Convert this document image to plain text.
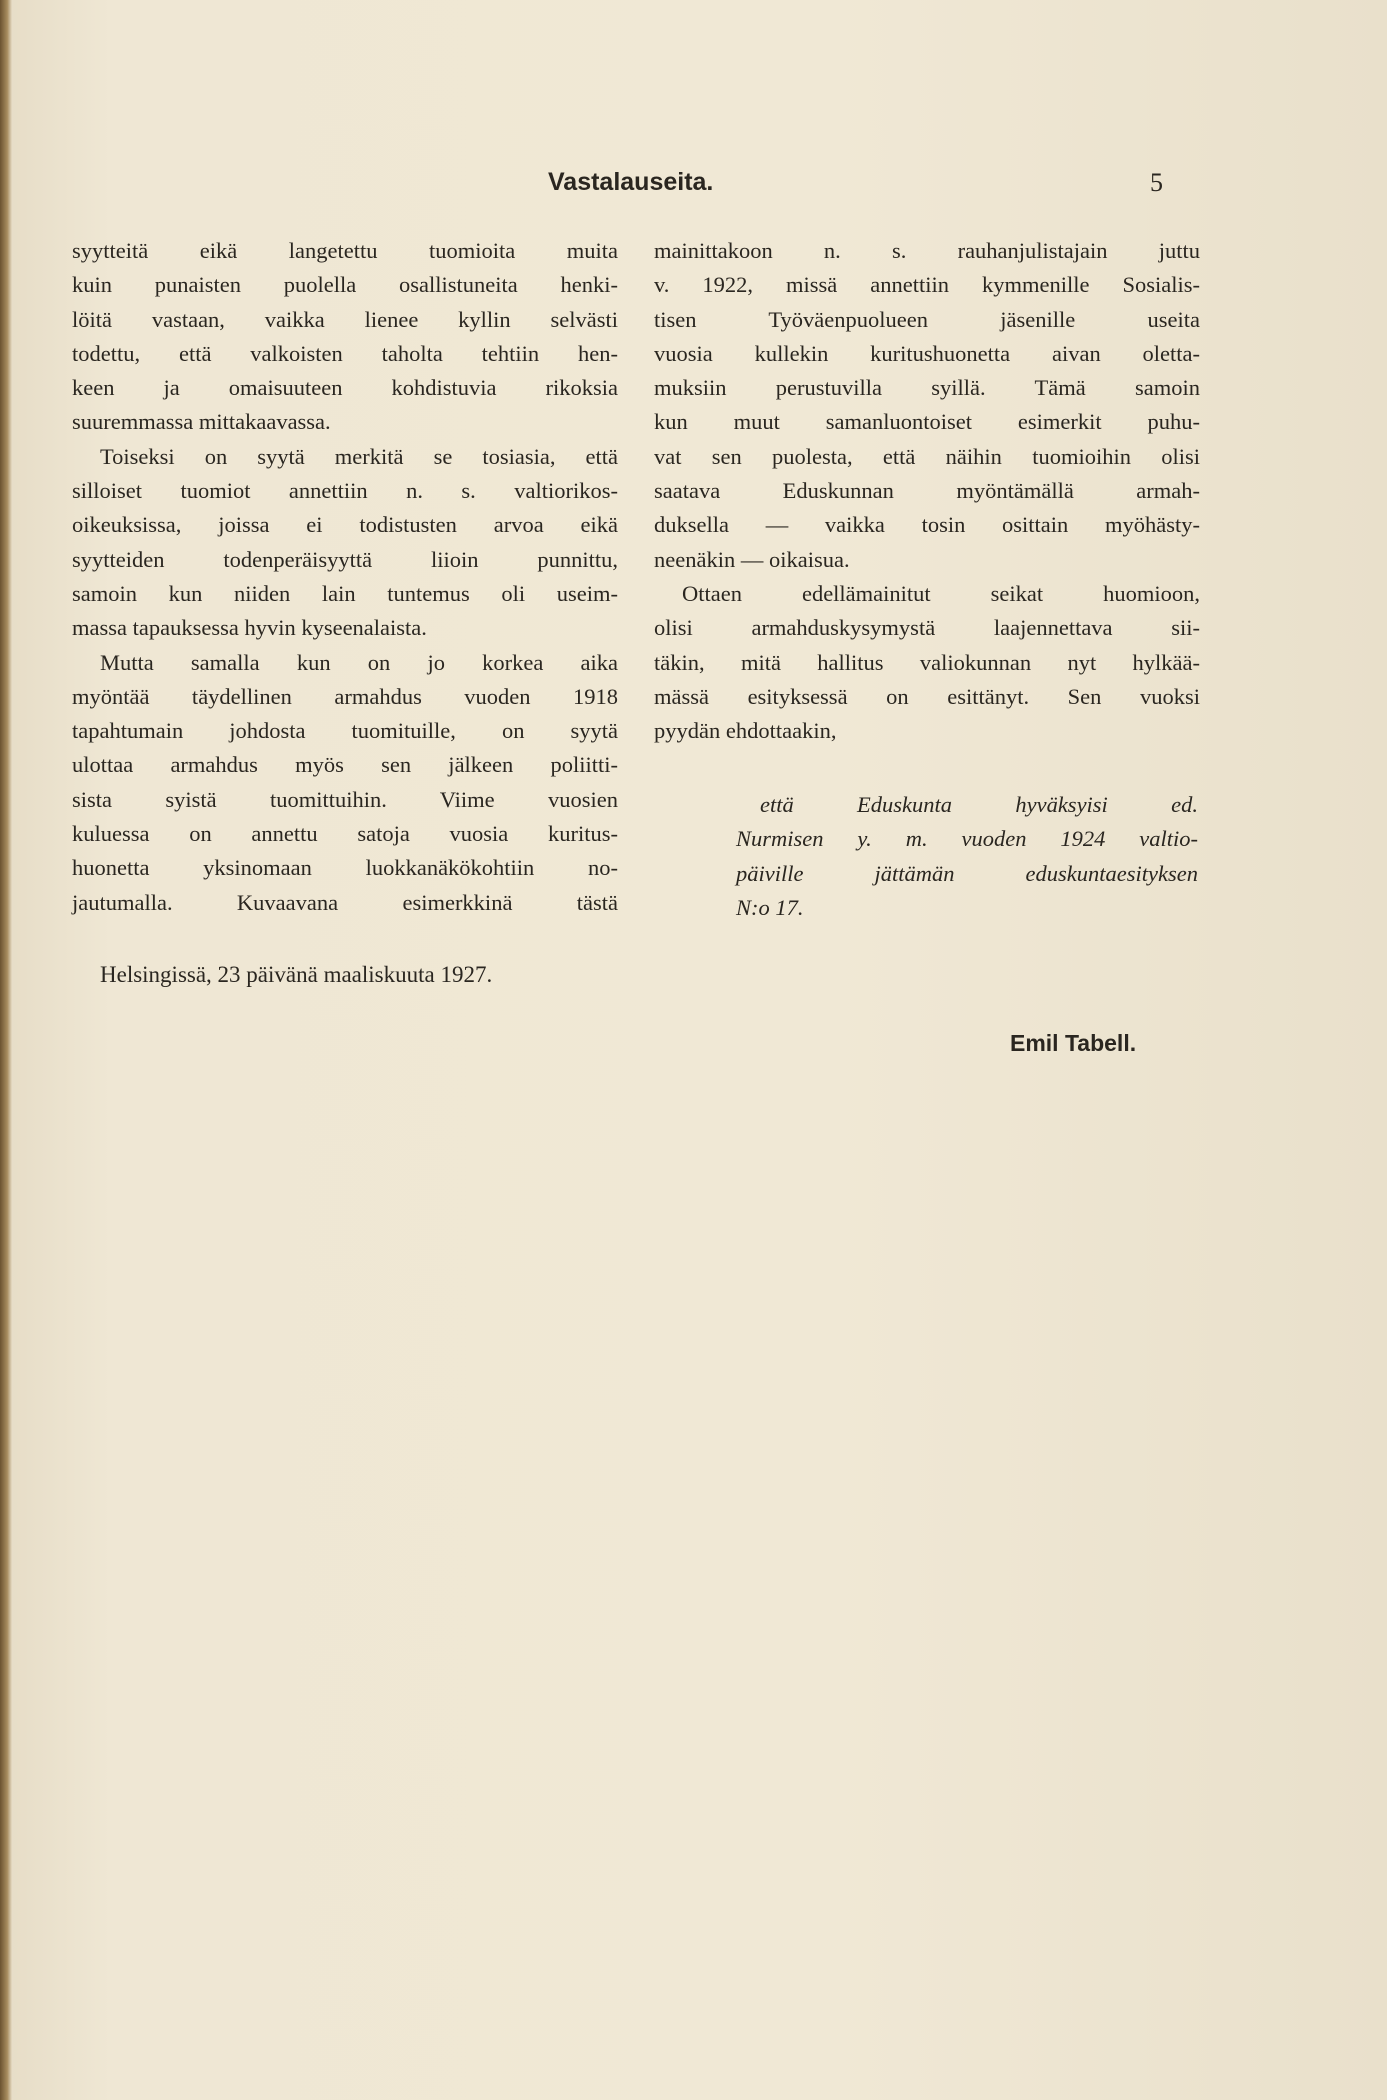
Vastalauseita.	5
syytteitä eikä langetettu tuomioita muita
kuin punaisten puolella osallistuneita henki-
löitä vastaan, vaikka lienee kyllin selvästi
todettu, että valkoisten taholta tehtiin hen-
keen ja omaisuuteen kohdistuvia rikoksia
suuremmassa mittakaavassa.
Toiseksi on syytä merkitä se tosiasia, että
silloiset tuomiot annettiin n. s. valtiorikos-
oikeuksissa, joissa ei todistusten arvoa eikä
syytteiden todenperäisyyttä liioin punnittu,
samoin kun niiden lain tuntemus oli useim-
massa tapauksessa hyvin kyseenalaista.
Mutta samalla kun on jo korkea aika
myöntää täydellinen armahdus vuoden 1918
tapahtumain johdosta tuomituille, on syytä
ulottaa armahdus myös sen jälkeen poliitti-
sista syistä tuomittuihin. Viime vuosien
kuluessa on annettu satoja vuosia kuritus-
huonetta yksinomaan luokkanäkökohtiin no-
jautumalla. Kuvaavana esimerkkinä tästä
mainittakoon n. s. rauhanjulistajain juttu
v. 1922, missä annettiin kymmenille Sosialis-
tisen Työväenpuolueen jäsenille useita
vuosia kullekin kuritushuonetta aivan oletta-
muksiin perustuvilla syillä. Tämä samoin
kun muut samanluontoiset esimerkit puhu-
vat sen puolesta, että näihin tuomioihin olisi
saatava Eduskunnan myöntämällä armah-
duksella — vaikka tosin osittain myöhästy-
neenäkin — oikaisua.
Ottaen edellämainitut seikat huomioon,
olisi armahduskysymystä laajennettava sii-
täkin, mitä hallitus valiokunnan nyt hylkää-
mässä esityksessä on esittänyt. Sen vuoksi
pyydän ehdottaakin,
että Eduskunta hyväksyisi ed.
Nurmisen y. m. vuoden 1924 valtio-
päiville jättämän eduskuntaesityksen
N:o 17.
Helsingissä, 23 päivänä maaliskuuta 1927.
Emil Tabell.
